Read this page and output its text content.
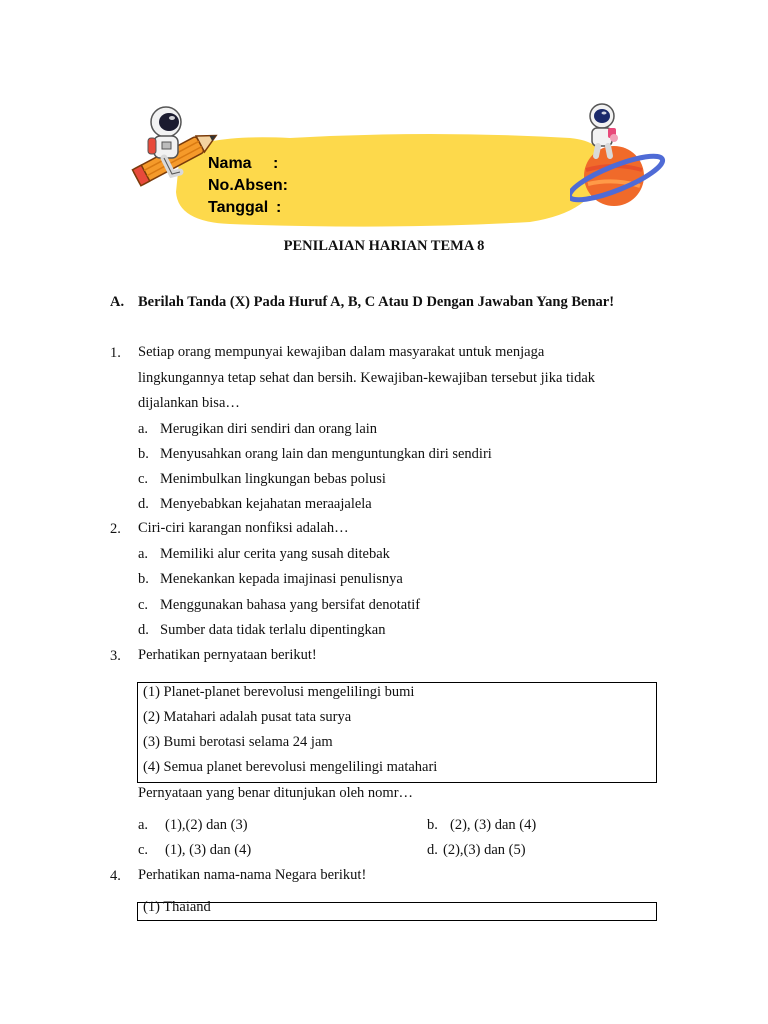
Nama :
No.Absen:
Tanggal :
PENILAIAN HARIAN TEMA 8
A. Berilah Tanda (X) Pada Huruf A, B, C Atau D Dengan Jawaban Yang Benar!
1. Setiap orang mempunyai kewajiban dalam masyarakat untuk menjaga
lingkungannya tetap sehat dan bersih. Kewajiban-kewajiban tersebut jika tidak
dijalankan bisa…
a. Merugikan diri sendiri dan orang lain
b. Menyusahkan orang lain dan menguntungkan diri sendiri
c. Menimbulkan lingkungan bebas polusi
d. Menyebabkan kejahatan meraajalela
2. Ciri-ciri karangan nonfiksi adalah…
a. Memiliki alur cerita yang susah ditebak
b. Menekankan kepada imajinasi penulisnya
c. Menggunakan bahasa yang bersifat denotatif
d. Sumber data tidak terlalu dipentingkan
3. Perhatikan pernyataan berikut!
(1) Planet-planet berevolusi mengelilingi bumi
(2) Matahari adalah pusat tata surya
(3) Bumi berotasi selama 24 jam
(4) Semua planet berevolusi mengelilingi matahari
Pernyataan yang benar ditunjukan oleh nomr…
a. (1),(2) dan (3)	b. (2), (3) dan (4)
c. (1), (3) dan (4)	d. (2),(3) dan (5)
4. Perhatikan nama-nama Negara berikut!
(1) Thaiand
